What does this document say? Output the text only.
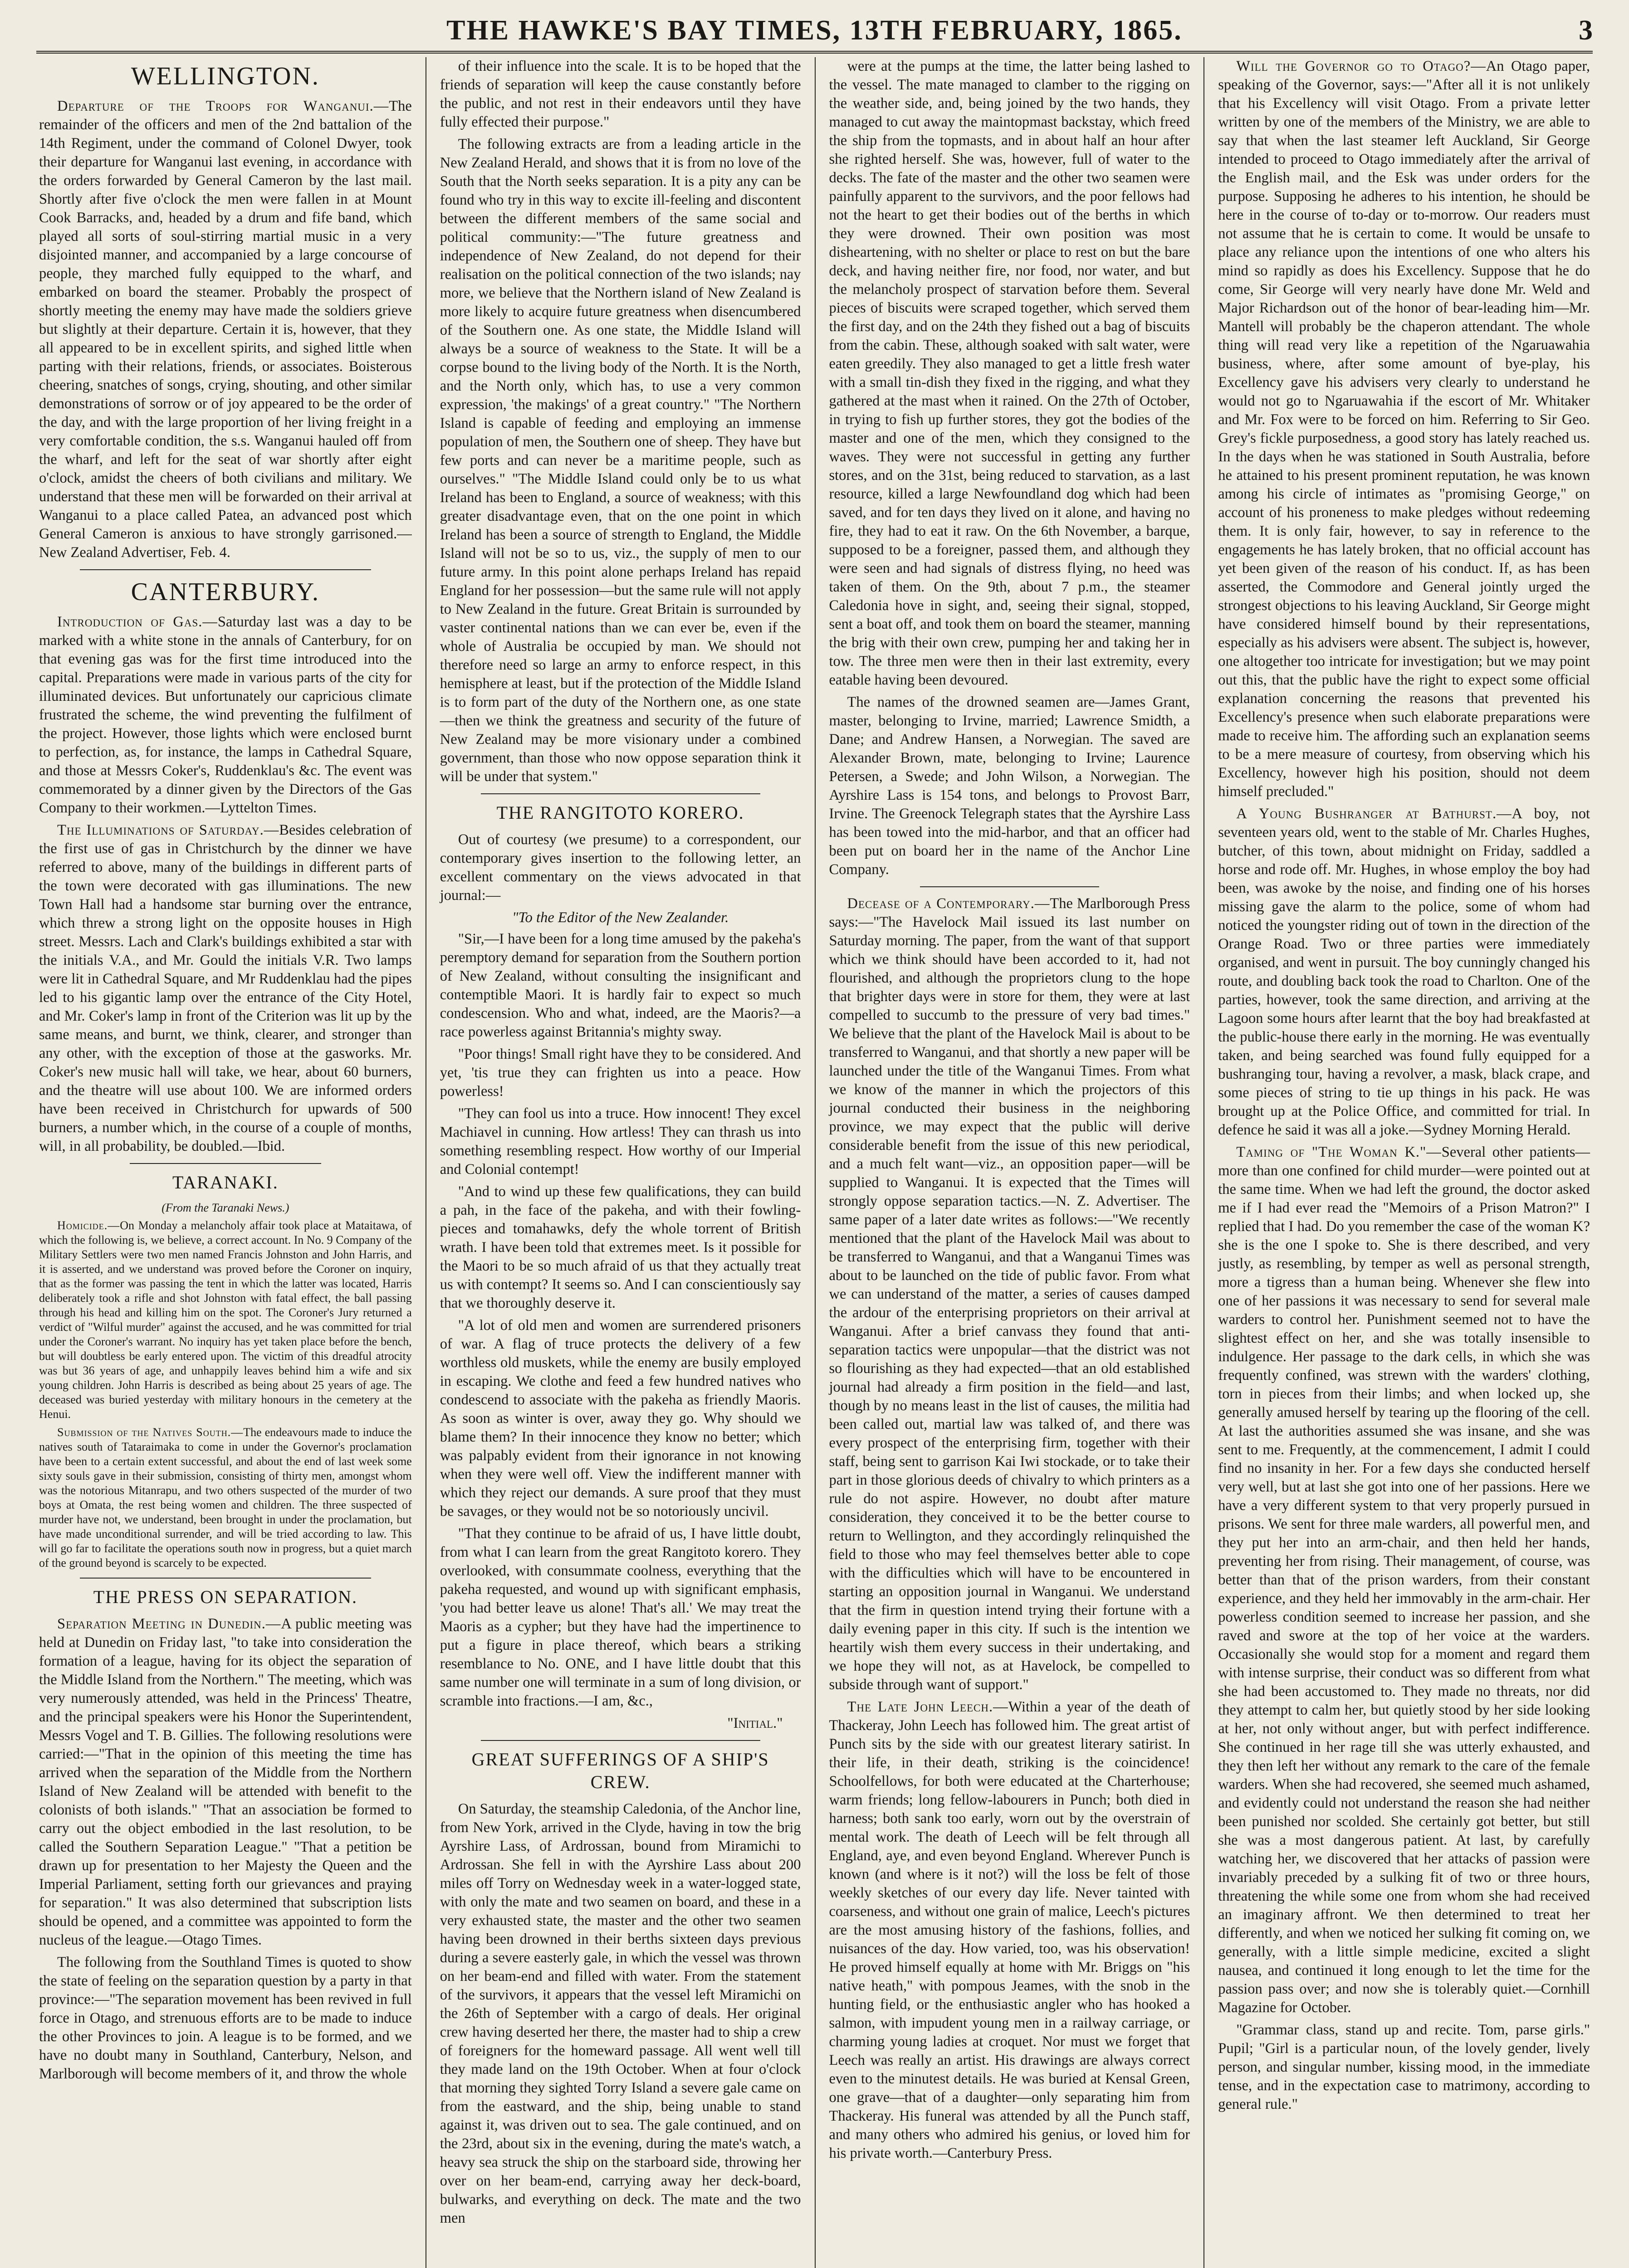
THE HAWKE'S BAY TIMES, 13TH FEBRUARY, 1865.	3
WELLINGTON.

Departure of the Troops for Wanganui.—The remainder of the officers and men of the 2nd battalion of the 14th Regiment, under the command of Colonel Dwyer, took their departure for Wanganui last evening, in accordance with the orders forwarded by General Cameron by the last mail. Shortly after five o'clock the men were fallen in at Mount Cook Barracks, and, headed by a drum and fife band, which played all sorts of soul-stirring martial music in a very disjointed manner, and accompanied by a large concourse of people, they marched fully equipped to the wharf, and embarked on board the steamer. Probably the prospect of shortly meeting the enemy may have made the soldiers grieve but slightly at their departure. Certain it is, however, that they all appeared to be in excellent spirits, and sighed little when parting with their relations, friends, or associates. Boisterous cheering, snatches of songs, crying, shouting, and other similar demonstrations of sorrow or of joy appeared to be the order of the day, and with the large proportion of her living freight in a very comfortable condition, the s.s. Wanganui hauled off from the wharf, and left for the seat of war shortly after eight o'clock, amidst the cheers of both civilians and military. We understand that these men will be forwarded on their arrival at Wanganui to a place called Patea, an advanced post which General Cameron is anxious to have strongly garrisoned.—New Zealand Advertiser, Feb. 4.

CANTERBURY.

Introduction of Gas.—Saturday last was a day to be marked with a white stone in the annals of Canterbury, for on that evening gas was for the first time introduced into the capital. Preparations were made in various parts of the city for illuminated devices. But unfortunately our capricious climate frustrated the scheme, the wind preventing the fulfilment of the project. However, those lights which were enclosed burnt to perfection, as, for instance, the lamps in Cathedral Square, and those at Messrs Coker's, Ruddenklau's &c. The event was commemorated by a dinner given by the Directors of the Gas Company to their workmen.—Lyttelton Times.

The Illuminations of Saturday.—Besides celebration of the first use of gas in Christchurch by the dinner we have referred to above, many of the buildings in different parts of the town were decorated with gas illuminations. The new Town Hall had a handsome star burning over the entrance, which threw a strong light on the opposite houses in High street. Messrs. Lach and Clark's buildings exhibited a star with the initials V.A., and Mr. Gould the initials V.R. Two lamps were lit in Cathedral Square, and Mr Ruddenklau had the pipes led to his gigantic lamp over the entrance of the City Hotel, and Mr. Coker's lamp in front of the Criterion was lit up by the same means, and burnt, we think, clearer, and stronger than any other, with the exception of those at the gasworks. Mr. Coker's new music hall will take, we hear, about 60 burners, and the theatre will use about 100. We are informed orders have been received in Christchurch for upwards of 500 burners, a number which, in the course of a couple of months, will, in all probability, be doubled.—Ibid.

TARANAKI.
(From the Taranaki News.)

Homicide.—On Monday a melancholy affair took place at Mataitawa, of which the following is, we believe, a correct account. In No. 9 Company of the Military Settlers were two men named Francis Johnston and John Harris, and it is asserted, and we understand was proved before the Coroner on inquiry, that as the former was passing the tent in which the latter was located, Harris deliberately took a rifle and shot Johnston with fatal effect, the ball passing through his head and killing him on the spot. The Coroner's Jury returned a verdict of "Wilful murder" against the accused, and he was committed for trial under the Coroner's warrant. No inquiry has yet taken place before the bench, but will doubtless be early entered upon. The victim of this dreadful atrocity was but 36 years of age, and unhappily leaves behind him a wife and six young children. John Harris is described as being about 25 years of age. The deceased was buried yesterday with military honours in the cemetery at the Henui.

Submission of the Natives South.—The endeavours made to induce the natives south of Tataraimaka to come in under the Governor's proclamation have been to a certain extent successful, and about the end of last week some sixty souls gave in their submission, consisting of thirty men, amongst whom was the notorious Mitanrapu, and two others suspected of the murder of two boys at Omata, the rest being women and children. The three suspected of murder have not, we understand, been brought in under the proclamation, but have made unconditional surrender, and will be tried according to law. This will go far to facilitate the operations south now in progress, but a quiet march of the ground beyond is scarcely to be expected.

THE PRESS ON SEPARATION.

Separation Meeting in Dunedin.—A public meeting was held at Dunedin on Friday last, "to take into consideration the formation of a league, having for its object the separation of the Middle Island from the Northern." The meeting, which was very numerously attended, was held in the Princess' Theatre, and the principal speakers were his Honor the Superintendent, Messrs Vogel and T. B. Gillies. The following resolutions were carried:—"That in the opinion of this meeting the time has arrived when the separation of the Middle from the Northern Island of New Zealand will be attended with benefit to the colonists of both islands." "That an association be formed to carry out the object embodied in the last resolution, to be called the Southern Separation League." "That a petition be drawn up for presentation to her Majesty the Queen and the Imperial Parliament, setting forth our grievances and praying for separation." It was also determined that subscription lists should be opened, and a committee was appointed to form the nucleus of the league.—Otago Times.

The following from the Southland Times is quoted to show the state of feeling on the separation question by a party in that province:—"The separation movement has been revived in full force in Otago, and strenuous efforts are to be made to induce the other Provinces to join. A league is to be formed, and we have no doubt many in Southland, Canterbury, Nelson, and Marlborough will become members of it, and throw the whole

of their influence into the scale. It is to be hoped that the friends of separation will keep the cause constantly before the public, and not rest in their endeavors until they have fully effected their purpose."

The following extracts are from a leading article in the New Zealand Herald, and shows that it is from no love of the South that the North seeks separation. It is a pity any can be found who try in this way to excite ill-feeling and discontent between the different members of the same social and political community:—"The future greatness and independence of New Zealand, do not depend for their realisation on the political connection of the two islands; nay more, we believe that the Northern island of New Zealand is more likely to acquire future greatness when disencumbered of the Southern one. As one state, the Middle Island will always be a source of weakness to the State. It will be a corpse bound to the living body of the North. It is the North, and the North only, which has, to use a very common expression, 'the makings' of a great country." "The Northern Island is capable of feeding and employing an immense population of men, the Southern one of sheep. They have but few ports and can never be a maritime people, such as ourselves." "The Middle Island could only be to us what Ireland has been to England, a source of weakness; with this greater disadvantage even, that on the one point in which Ireland has been a source of strength to England, the Middle Island will not be so to us, viz., the supply of men to our future army. In this point alone perhaps Ireland has repaid England for her possession—but the same rule will not apply to New Zealand in the future. Great Britain is surrounded by vaster continental nations than we can ever be, even if the whole of Australia be occupied by man. We should not therefore need so large an army to enforce respect, in this hemisphere at least, but if the protection of the Middle Island is to form part of the duty of the Northern one, as one state—then we think the greatness and security of the future of New Zealand may be more visionary under a combined government, than those who now oppose separation think it will be under that system."

THE RANGITOTO KORERO.

Out of courtesy (we presume) to a correspondent, our contemporary gives insertion to the following letter, an excellent commentary on the views advocated in that journal:—

"To the Editor of the New Zealander.

"Sir,—I have been for a long time amused by the pakeha's peremptory demand for separation from the Southern portion of New Zealand, without consulting the insignificant and contemptible Maori. It is hardly fair to expect so much condescension. Who and what, indeed, are the Maoris?—a race powerless against Britannia's mighty sway.

"Poor things! Small right have they to be considered. And yet, 'tis true they can frighten us into a peace. How powerless!

"They can fool us into a truce. How innocent! They excel Machiavel in cunning. How artless! They can thrash us into something resembling respect. How worthy of our Imperial and Colonial contempt!

"And to wind up these few qualifications, they can build a pah, in the face of the pakeha, and with their fowling-pieces and tomahawks, defy the whole torrent of British wrath. I have been told that extremes meet. Is it possible for the Maori to be so much afraid of us that they actually treat us with contempt? It seems so. And I can conscientiously say that we thoroughly deserve it.

"A lot of old men and women are surrendered prisoners of war. A flag of truce protects the delivery of a few worthless old muskets, while the enemy are busily employed in escaping. We clothe and feed a few hundred natives who condescend to associate with the pakeha as friendly Maoris. As soon as winter is over, away they go. Why should we blame them? In their innocence they know no better; which was palpably evident from their ignorance in not knowing when they were well off. View the indifferent manner with which they reject our demands. A sure proof that they must be savages, or they would not be so notoriously uncivil.

"That they continue to be afraid of us, I have little doubt, from what I can learn from the great Rangitoto korero. They overlooked, with consummate coolness, everything that the pakeha requested, and wound up with significant emphasis, 'you had better leave us alone! That's all.' We may treat the Maoris as a cypher; but they have had the impertinence to put a figure in place thereof, which bears a striking resemblance to No. ONE, and I have little doubt that this same number one will terminate in a sum of long division, or scramble into fractions.—I am, &c.,

"Initial."
GREAT SUFFERINGS OF A SHIP'S CREW.

On Saturday, the steamship Caledonia, of the Anchor line, from New York, arrived in the Clyde, having in tow the brig Ayrshire Lass, of Ardrossan, bound from Miramichi to Ardrossan. She fell in with the Ayrshire Lass about 200 miles off Torry on Wednesday week in a water-logged state, with only the mate and two seamen on board, and these in a very exhausted state, the master and the other two seamen having been drowned in their berths sixteen days previous during a severe easterly gale, in which the vessel was thrown on her beam-end and filled with water. From the statement of the survivors, it appears that the vessel left Miramichi on the 26th of September with a cargo of deals. Her original crew having deserted her there, the master had to ship a crew of foreigners for the homeward passage. All went well till they made land on the 19th October. When at four o'clock that morning they sighted Torry Island a severe gale came on from the eastward, and the ship, being unable to stand against it, was driven out to sea. The gale continued, and on the 23rd, about six in the evening, during the mate's watch, a heavy sea struck the ship on the starboard side, throwing her over on her beam-end, carrying away her deck-board, bulwarks, and everything on deck. The mate and the two men

were at the pumps at the time, the latter being lashed to the vessel. The mate managed to clamber to the rigging on the weather side, and, being joined by the two hands, they managed to cut away the maintopmast backstay, which freed the ship from the topmasts, and in about half an hour after she righted herself. She was, however, full of water to the decks. The fate of the master and the other two seamen were painfully apparent to the survivors, and the poor fellows had not the heart to get their bodies out of the berths in which they were drowned. Their own position was most disheartening, with no shelter or place to rest on but the bare deck, and having neither fire, nor food, nor water, and but the melancholy prospect of starvation before them. Several pieces of biscuits were scraped together, which served them the first day, and on the 24th they fished out a bag of biscuits from the cabin. These, although soaked with salt water, were eaten greedily. They also managed to get a little fresh water with a small tin-dish they fixed in the rigging, and what they gathered at the mast when it rained. On the 27th of October, in trying to fish up further stores, they got the bodies of the master and one of the men, which they consigned to the waves. They were not successful in getting any further stores, and on the 31st, being reduced to starvation, as a last resource, killed a large Newfoundland dog which had been saved, and for ten days they lived on it alone, and having no fire, they had to eat it raw. On the 6th November, a barque, supposed to be a foreigner, passed them, and although they were seen and had signals of distress flying, no heed was taken of them. On the 9th, about 7 p.m., the steamer Caledonia hove in sight, and, seeing their signal, stopped, sent a boat off, and took them on board the steamer, manning the brig with their own crew, pumping her and taking her in tow. The three men were then in their last extremity, every eatable having been devoured.

The names of the drowned seamen are—James Grant, master, belonging to Irvine, married; Lawrence Smidth, a Dane; and Andrew Hansen, a Norwegian. The saved are Alexander Brown, mate, belonging to Irvine; Laurence Petersen, a Swede; and John Wilson, a Norwegian. The Ayrshire Lass is 154 tons, and belongs to Provost Barr, Irvine. The Greenock Telegraph states that the Ayrshire Lass has been towed into the mid-harbor, and that an officer had been put on board her in the name of the Anchor Line Company.

Decease of a Contemporary.—The Marlborough Press says:—"The Havelock Mail issued its last number on Saturday morning. The paper, from the want of that support which we think should have been accorded to it, had not flourished, and although the proprietors clung to the hope that brighter days were in store for them, they were at last compelled to succumb to the pressure of very bad times." We believe that the plant of the Havelock Mail is about to be transferred to Wanganui, and that shortly a new paper will be launched under the title of the Wanganui Times. From what we know of the manner in which the projectors of this journal conducted their business in the neighboring province, we may expect that the public will derive considerable benefit from the issue of this new periodical, and a much felt want—viz., an opposition paper—will be supplied to Wanganui. It is expected that the Times will strongly oppose separation tactics.—N. Z. Advertiser. The same paper of a later date writes as follows:—"We recently mentioned that the plant of the Havelock Mail was about to be transferred to Wanganui, and that a Wanganui Times was about to be launched on the tide of public favor. From what we can understand of the matter, a series of causes damped the ardour of the enterprising proprietors on their arrival at Wanganui. After a brief canvass they found that anti-separation tactics were unpopular—that the district was not so flourishing as they had expected—that an old established journal had already a firm position in the field—and last, though by no means least in the list of causes, the militia had been called out, martial law was talked of, and there was every prospect of the enterprising firm, together with their staff, being sent to garrison Kai Iwi stockade, or to take their part in those glorious deeds of chivalry to which printers as a rule do not aspire. However, no doubt after mature consideration, they conceived it to be the better course to return to Wellington, and they accordingly relinquished the field to those who may feel themselves better able to cope with the difficulties which will have to be encountered in starting an opposition journal in Wanganui. We understand that the firm in question intend trying their fortune with a daily evening paper in this city. If such is the intention we heartily wish them every success in their undertaking, and we hope they will not, as at Havelock, be compelled to subside through want of support."

The Late John Leech.—Within a year of the death of Thackeray, John Leech has followed him. The great artist of Punch sits by the side with our greatest literary satirist. In their life, in their death, striking is the coincidence! Schoolfellows, for both were educated at the Charterhouse; warm friends; long fellow-labourers in Punch; both died in harness; both sank too early, worn out by the overstrain of mental work. The death of Leech will be felt through all England, aye, and even beyond England. Wherever Punch is known (and where is it not?) will the loss be felt of those weekly sketches of our every day life. Never tainted with coarseness, and without one grain of malice, Leech's pictures are the most amusing history of the fashions, follies, and nuisances of the day. How varied, too, was his observation! He proved himself equally at home with Mr. Briggs on "his native heath," with pompous Jeames, with the snob in the hunting field, or the enthusiastic angler who has hooked a salmon, with impudent young men in a railway carriage, or charming young ladies at croquet. Nor must we forget that Leech was really an artist. His drawings are always correct even to the minutest details. He was buried at Kensal Green, one grave—that of a daughter—only separating him from Thackeray. His funeral was attended by all the Punch staff, and many others who admired his genius, or loved him for his private worth.—Canterbury Press.

Will the Governor go to Otago?—An Otago paper, speaking of the Governor, says:—"After all it is not unlikely that his Excellency will visit Otago. From a private letter written by one of the members of the Ministry, we are able to say that when the last steamer left Auckland, Sir George intended to proceed to Otago immediately after the arrival of the English mail, and the Esk was under orders for the purpose. Supposing he adheres to his intention, he should be here in the course of to-day or to-morrow. Our readers must not assume that he is certain to come. It would be unsafe to place any reliance upon the intentions of one who alters his mind so rapidly as does his Excellency. Suppose that he do come, Sir George will very nearly have done Mr. Weld and Major Richardson out of the honor of bear-leading him—Mr. Mantell will probably be the chaperon attendant. The whole thing will read very like a repetition of the Ngaruawahia business, where, after some amount of bye-play, his Excellency gave his advisers very clearly to understand he would not go to Ngaruawahia if the escort of Mr. Whitaker and Mr. Fox were to be forced on him. Referring to Sir Geo. Grey's fickle purposedness, a good story has lately reached us. In the days when he was stationed in South Australia, before he attained to his present prominent reputation, he was known among his circle of intimates as "promising George," on account of his proneness to make pledges without redeeming them. It is only fair, however, to say in reference to the engagements he has lately broken, that no official account has yet been given of the reason of his conduct. If, as has been asserted, the Commodore and General jointly urged the strongest objections to his leaving Auckland, Sir George might have considered himself bound by their representations, especially as his advisers were absent. The subject is, however, one altogether too intricate for investigation; but we may point out this, that the public have the right to expect some official explanation concerning the reasons that prevented his Excellency's presence when such elaborate preparations were made to receive him. The affording such an explanation seems to be a mere measure of courtesy, from observing which his Excellency, however high his position, should not deem himself precluded."

A Young Bushranger at Bathurst.—A boy, not seventeen years old, went to the stable of Mr. Charles Hughes, butcher, of this town, about midnight on Friday, saddled a horse and rode off. Mr. Hughes, in whose employ the boy had been, was awoke by the noise, and finding one of his horses missing gave the alarm to the police, some of whom had noticed the youngster riding out of town in the direction of the Orange Road. Two or three parties were immediately organised, and went in pursuit. The boy cunningly changed his route, and doubling back took the road to Charlton. One of the parties, however, took the same direction, and arriving at the Lagoon some hours after learnt that the boy had breakfasted at the public-house there early in the morning. He was eventually taken, and being searched was found fully equipped for a bushranging tour, having a revolver, a mask, black crape, and some pieces of string to tie up things in his pack. He was brought up at the Police Office, and committed for trial. In defence he said it was all a joke.—Sydney Morning Herald.

Taming of "The Woman K."—Several other patients—more than one confined for child murder—were pointed out at the same time. When we had left the ground, the doctor asked me if I had ever read the "Memoirs of a Prison Matron?" I replied that I had. Do you remember the case of the woman K? she is the one I spoke to. She is there described, and very justly, as resembling, by temper as well as personal strength, more a tigress than a human being. Whenever she flew into one of her passions it was necessary to send for several male warders to control her. Punishment seemed not to have the slightest effect on her, and she was totally insensible to indulgence. Her passage to the dark cells, in which she was frequently confined, was strewn with the warders' clothing, torn in pieces from their limbs; and when locked up, she generally amused herself by tearing up the flooring of the cell. At last the authorities assumed she was insane, and she was sent to me. Frequently, at the commencement, I admit I could find no insanity in her. For a few days she conducted herself very well, but at last she got into one of her passions. Here we have a very different system to that very properly pursued in prisons. We sent for three male warders, all powerful men, and they put her into an arm-chair, and then held her hands, preventing her from rising. Their management, of course, was better than that of the prison warders, from their constant experience, and they held her immovably in the arm-chair. Her powerless condition seemed to increase her passion, and she raved and swore at the top of her voice at the warders. Occasionally she would stop for a moment and regard them with intense surprise, their conduct was so different from what she had been accustomed to. They made no threats, nor did they attempt to calm her, but quietly stood by her side looking at her, not only without anger, but with perfect indifference. She continued in her rage till she was utterly exhausted, and they then left her without any remark to the care of the female warders. When she had recovered, she seemed much ashamed, and evidently could not understand the reason she had neither been punished nor scolded. She certainly got better, but still she was a most dangerous patient. At last, by carefully watching her, we discovered that her attacks of passion were invariably preceded by a sulking fit of two or three hours, threatening the while some one from whom she had received an imaginary affront. We then determined to treat her differently, and when we noticed her sulking fit coming on, we generally, with a little simple medicine, excited a slight nausea, and continued it long enough to let the time for the passion pass over; and now she is tolerably quiet.—Cornhill Magazine for October.

"Grammar class, stand up and recite. Tom, parse girls." Pupil; "Girl is a particular noun, of the lovely gender, lively person, and singular number, kissing mood, in the immediate tense, and in the expectation case to matrimony, according to general rule."
